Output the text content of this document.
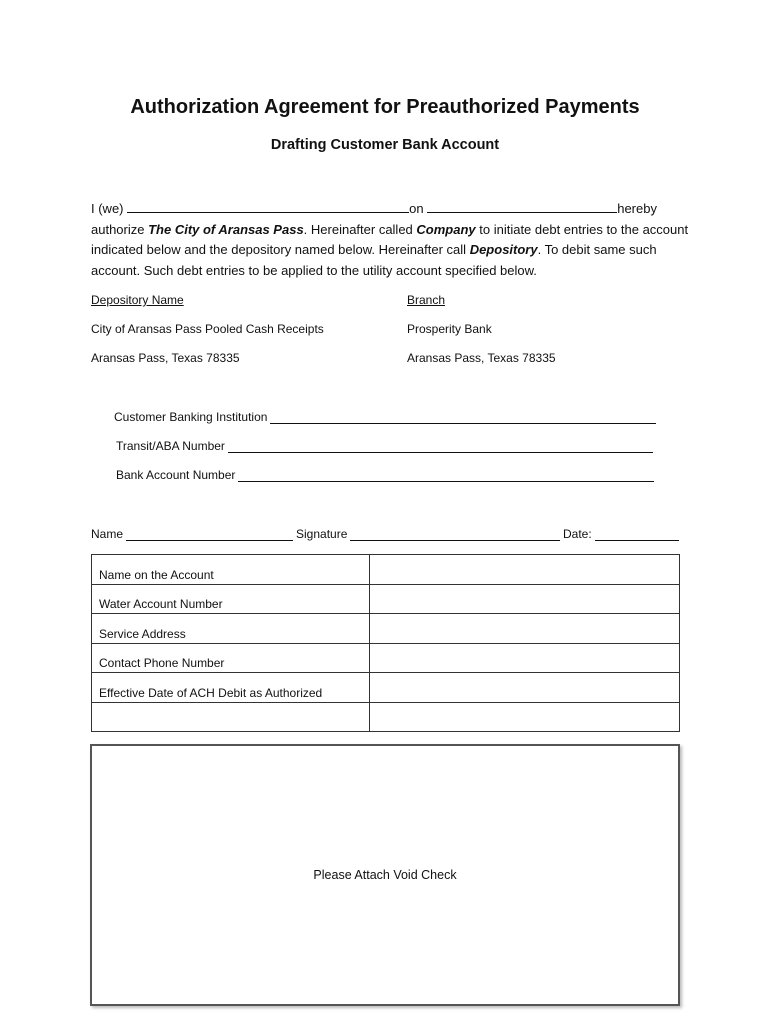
Authorization Agreement for Preauthorized Payments
Drafting Customer Bank Account
I (we)	on	hereby
authorize The City of Aransas Pass. Hereinafter called Company to initiate debt entries to the account indicated below and the depository named below. Hereinafter call Depository. To debit same such account. Such debt entries to be applied to the utility account specified below.
Depository Name	Branch
City of Aransas Pass Pooled Cash Receipts	Prosperity Bank
Aransas Pass, Texas 78335	Aransas Pass, Texas 78335
Customer Banking Institution
Transit/ABA Number
Bank Account Number
Name	Signature	Date:
Name on the Account	
Water Account Number	
Service Address	
Contact Phone Number	
Effective Date of ACH Debit as Authorized	

Please Attach Void Check
